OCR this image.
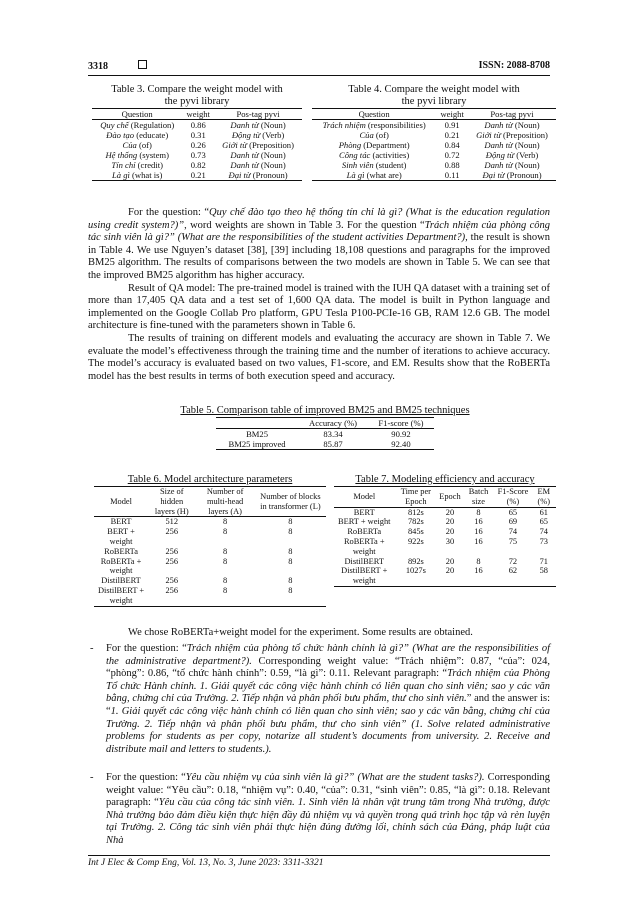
3318	ISSN: 2088-8708
Table 3. Compare the weight model with
the pyvi library
Question	weight	Pos-tag pyvi
Quy chế (Regulation)	0.86	Danh từ (Noun)
Đào tạo (educate)	0.31	Động từ (Verb)
Của (of)	0.26	Giới từ (Preposition)
Hệ thống (system)	0.73	Danh từ (Noun)
Tín chỉ (credit)	0.82	Danh từ (Noun)
Là gì (what is)	0.21	Đại từ (Pronoun)
Table 4. Compare the weight model with
the pyvi library
Question	weight	Pos-tag pyvi
Trách nhiệm (responsibilities)	0.91	Danh từ (Noun)
Của (of)	0.21	Giới từ (Preposition)
Phòng (Department)	0.84	Danh từ (Noun)
Công tác (activities)	0.72	Động từ (Verb)
Sinh viên (student)	0.88	Danh từ (Noun)
Là gì (what are)	0.11	Đại từ (Pronoun)

For the question: “Quy chế đào tạo theo hệ thống tín chỉ là gì? (What is the education regulation using credit system?)”, word weights are shown in Table 3. For the question “Trách nhiệm của phòng công tác sinh viên là gì?” (What are the responsibilities of the student activities Department?), the result is shown in Table 4. We use Nguyen’s dataset [38], [39] including 18,108 questions and paragraphs for the improved BM25 algorithm. The results of comparisons between the two models are shown in Table 5. We can see that the improved BM25 algorithm has higher accuracy.

Result of QA model: The pre-trained model is trained with the IUH QA dataset with a training set of more than 17,405 QA data and a test set of 1,600 QA data. The model is built in Python language and implemented on the Google Collab Pro platform, GPU Tesla P100-PCIe-16 GB, RAM 12.6 GB. The model architecture is fine-tuned with the parameters shown in Table 6.

The results of training on different models and evaluating the accuracy are shown in Table 7. We evaluate the model’s effectiveness through the training time and the number of iterations to achieve accuracy. The model’s accuracy is evaluated based on two values, F1-score, and EM. Results show that the RoBERTa model has the best results in terms of both execution speed and accuracy.

Table 5. Comparison table of improved BM25 and BM25 techniques
	Accuracy (%)	F1-score (%)
BM25	83.34	90.92
BM25 improved	85.87	92.40
Table 6. Model architecture parameters
Model	Size of hidden layers (H)	Number of multi-head layers (A)	Number of blocks in transformer (L)
BERT	512	8	8
BERT + weight	256	8	8
RoBERTa	256	8	8
RoBERTa + weight	256	8	8
DistilBERT	256	8	8
DistilBERT + weight	256	8	8
Table 7. Modeling efficiency and accuracy
Model	Time per Epoch	Epoch	Batch size	F1-Score (%)	EM (%)
BERT	812s	20	8	65	61
BERT + weight	782s	20	16	69	65
RoBERTa	845s	20	16	74	74
RoBERTa + weight	922s	30	16	75	73
DistilBERT	892s	20	8	72	71
DistilBERT + weight	1027s	20	16	62	58
We chose RoBERTa+weight model for the experiment. Some results are obtained.
- For the question: “Trách nhiệm của phòng tổ chức hành chính là gì?” (What are the responsibilities of the administrative department?). Corresponding weight value: “Trách nhiệm”: 0.87, “của”: 024, “phòng”: 0.86, “tổ chức hành chính”: 0.59, “là gì”: 0.11. Relevant paragraph: “Trách nhiệm của Phòng Tổ chức Hành chính. 1. Giải quyết các công việc hành chính có liên quan cho sinh viên; sao y các văn bằng, chứng chỉ của Trường. 2. Tiếp nhận và phân phối bưu phẩm, thư cho sinh viên.” and the answer is: “1. Giải quyết các công việc hành chính có liên quan cho sinh viên; sao y các văn bằng, chứng chỉ của Trường. 2. Tiếp nhận và phân phối bưu phẩm, thư cho sinh viên” (1. Solve related administrative problems for students as per copy, notarize all student’s documents from university. 2. Receive and distribute mail and letters to students.).
- For the question: “Yêu cầu nhiệm vụ của sinh viên là gì?” (What are the student tasks?). Corresponding weight value: “Yêu cầu”: 0.18, “nhiệm vụ”: 0.40, “của”: 0.31, “sinh viên”: 0.85, “là gì”: 0.18. Relevant paragraph: “Yêu cầu của công tác sinh viên. 1. Sinh viên là nhân vật trung tâm trong Nhà trường, được Nhà trường bảo đảm điều kiện thực hiện đầy đủ nhiệm vụ và quyền trong quá trình học tập và rèn luyện tại Trường. 2. Công tác sinh viên phải thực hiện đúng đường lối, chính sách của Đảng, pháp luật của Nhà
Int J Elec & Comp Eng, Vol. 13, No. 3, June 2023: 3311-3321
